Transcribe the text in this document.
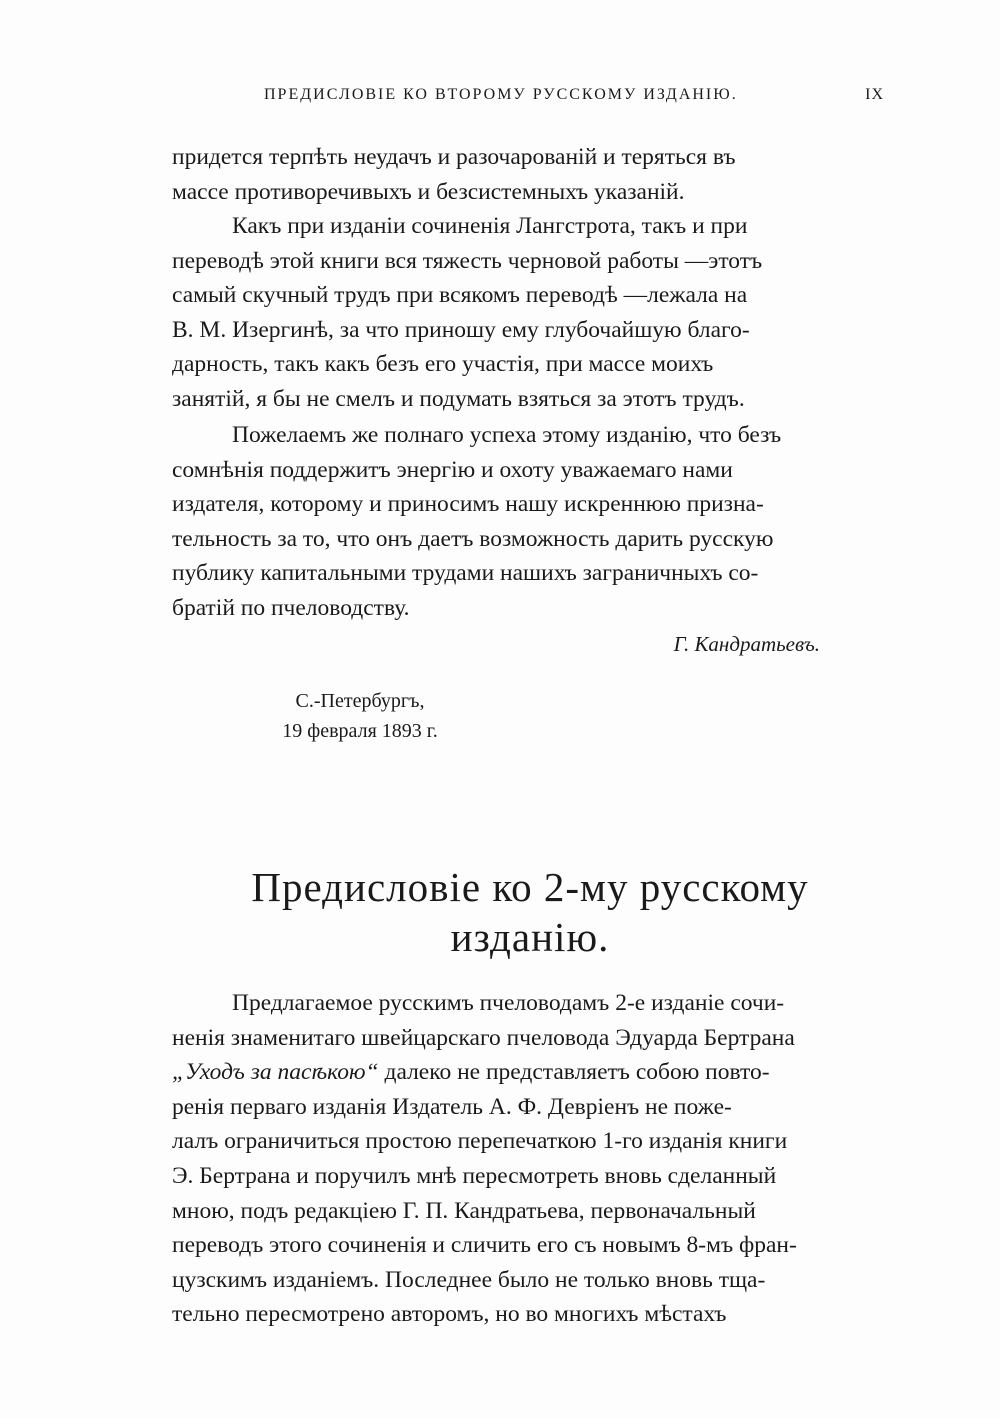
ПРЕДИСЛОВІЕ КО ВТОРОМУ РУССКОМУ ИЗДАНІЮ.	IX

придется терпѣть неудачъ и разочарованій и теряться въ

массе противоречивыхъ и безсистемныхъ указаній.

Какъ при изданіи сочиненія Лангстрота, такъ и при

переводѣ этой книги вся тяжесть черновой работы —этотъ

самый скучный трудъ при всякомъ переводѣ —лежала на

В. М. Изергинѣ, за что приношу ему глубочайшую благо-

дарность, такъ какъ безъ его участія, при массе моихъ

занятій, я бы не смелъ и подумать взяться за этотъ трудъ.

Пожелаемъ же полнаго успеха этому изданію, что безъ

сомнѣнія поддержитъ энергію и охоту уважаемаго нами

издателя, которому и приносимъ нашу искреннюю призна-

тельность за то, что онъ даетъ возможность дарить русскую

публику капитальными трудами нашихъ заграничныхъ со-

братій по пчеловодству.

Г. Кандратьевъ.
С.-Петербургъ,
19 февраля 1893 г.
Предисловіе ко 2-му русскому изданію.

Предлагаемое русскимъ пчеловодамъ 2-е изданіе сочи-

ненія знаменитаго швейцарскаго пчеловода Эдуарда Бертрана

„Уходъ за пасѣкою“ далеко не представляетъ собою повто-

ренія перваго изданія Издатель А. Ф. Девріенъ не поже-

лалъ ограничиться простою перепечаткою 1-го изданія книги

Э. Бертрана и поручилъ мнѣ пересмотреть вновь сделанный

мною, подъ редакціею Г. П. Кандратьева, первоначальный

переводъ этого сочиненія и сличить его съ новымъ 8-мъ фран-

цузскимъ изданіемъ. Последнее было не только вновь тща-

тельно пересмотрено авторомъ, но во многихъ мѣстахъ
